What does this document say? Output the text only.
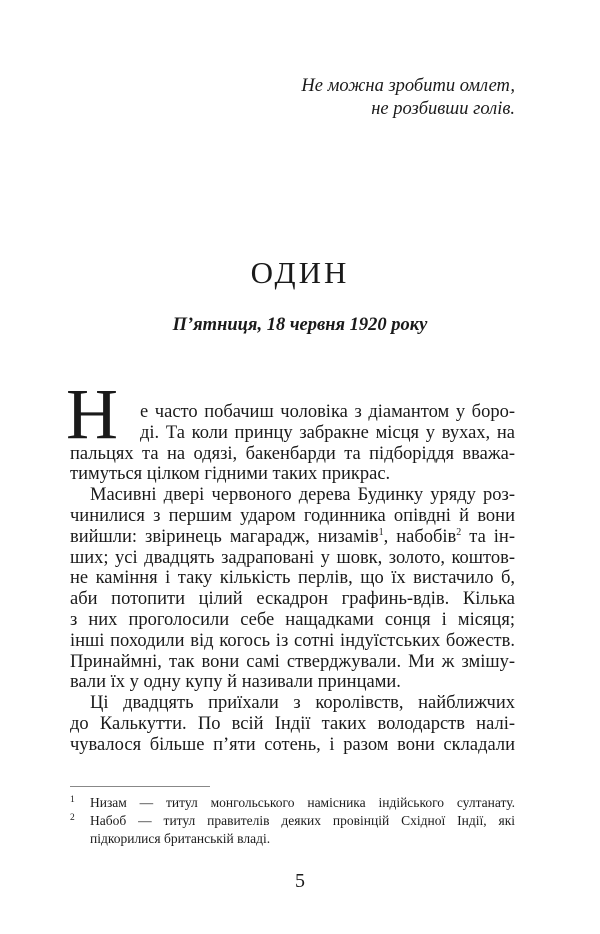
Не можна зробити омлет,
не розбивши голів.
ОДИН
П’ятниця, 18 червня 1920 року
Н е часто побачиш чоловіка з діамантом у боро-
ді. Та коли принцу забракне місця у вухах, на
пальцях та на одязі, бакенбарди та підборіддя вважа-
тимуться цілком гідними таких прикрас.
Масивні двері червоного дерева Будинку уряду роз-
чинилися з першим ударом годинника опівдні й вони
вийшли: звіринець магарадж, низамів$^1$, набобів$^2$ та ін-
ших; усі двадцять задраповані у шовк, золото, коштов-
не каміння і таку кількість перлів, що їх вистачило б,
аби потопити цілий ескадрон графинь-вдів. Кілька
з них проголосили себе нащадками сонця і місяця;
інші походили від когось із сотні індуїстських божеств.
Принаймні, так вони самі стверджували. Ми ж змішу-
вали їх у одну купу й називали принцами.
1 Низам — титул монгольського намісника індійського султанату.
2 Набоб — титул правителів деяких провінцій Східної Індії, які
підкорилися британській владі.
5
Ці двадцять приїхали з королівств, найближчих
до Калькутти. По всій Індії таких володарств налі-
чувалося більше п’яти сотень, і разом вони складали
